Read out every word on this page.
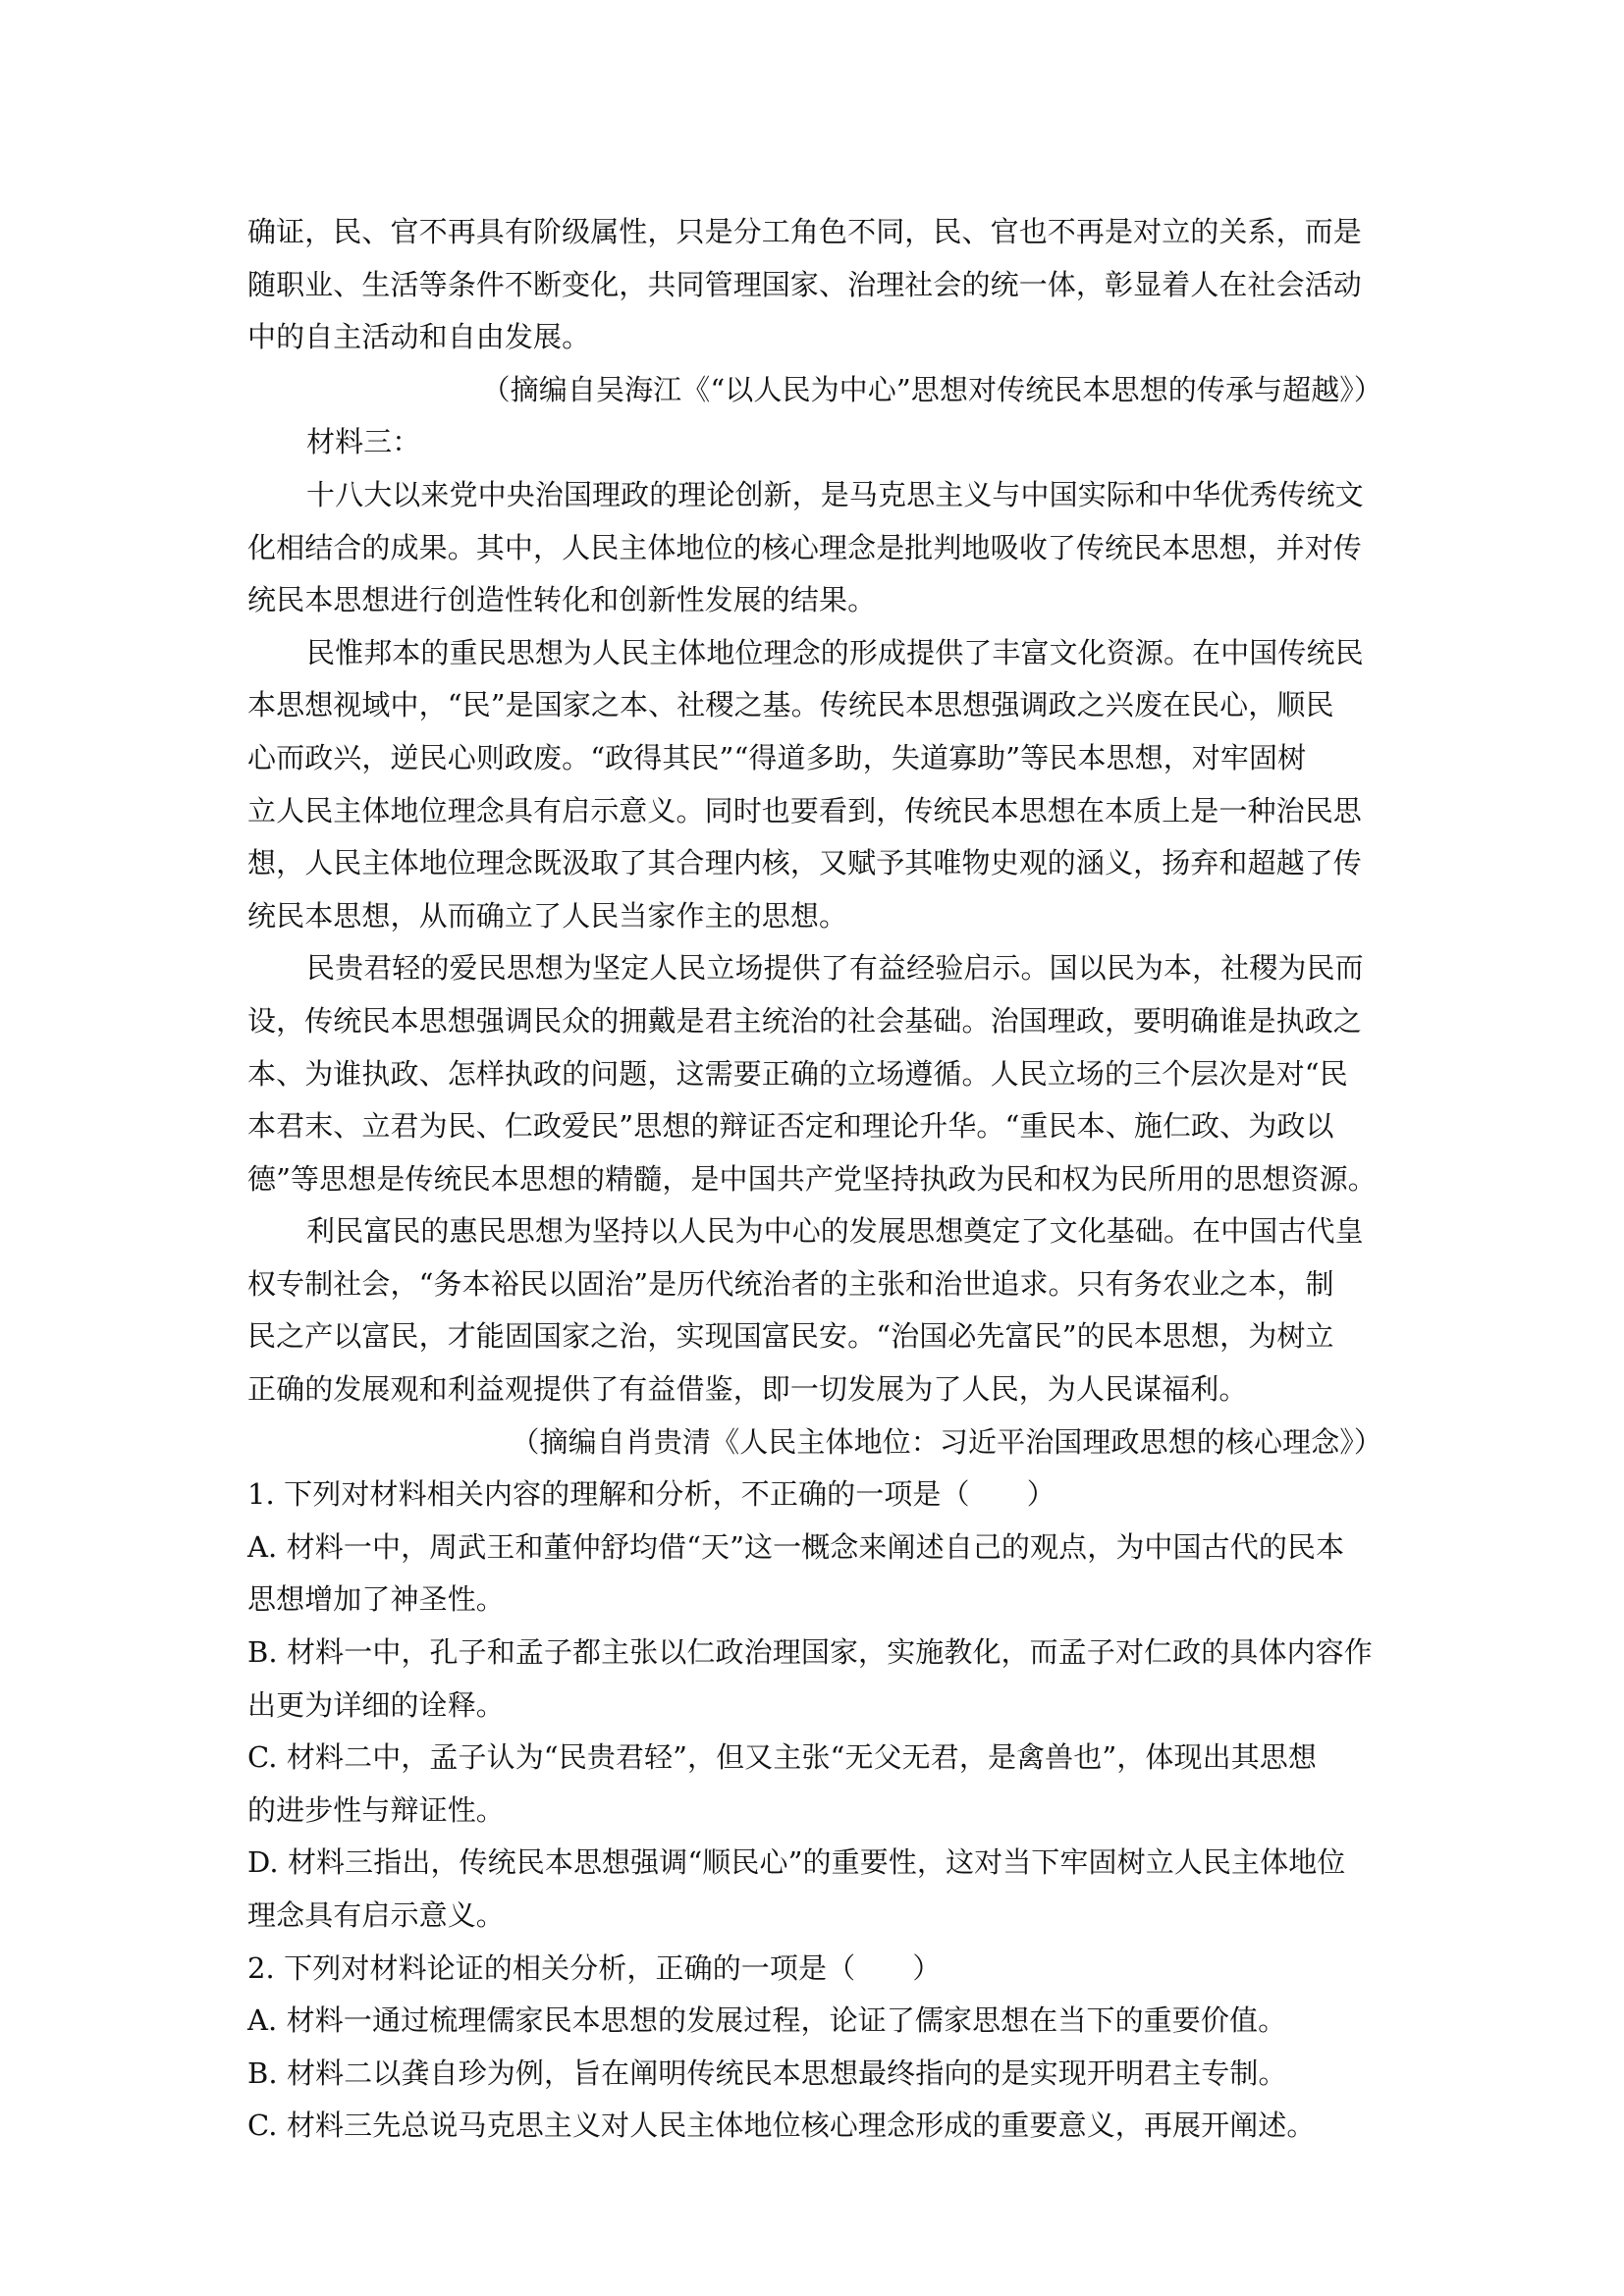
确证，民、官不再具有阶级属性，只是分工角色不同，民、官也不再是对立的关系，而是
随职业、生活等条件不断变化，共同管理国家、治理社会的统一体，彰显着人在社会活动
中的自主活动和自由发展。
（摘编自吴海江《“以人民为中心”思想对传统民本思想的传承与超越》）
材料三：
十八大以来党中央治国理政的理论创新，是马克思主义与中国实际和中华优秀传统文
化相结合的成果。其中，人民主体地位的核心理念是批判地吸收了传统民本思想，并对传
统民本思想进行创造性转化和创新性发展的结果。
民惟邦本的重民思想为人民主体地位理念的形成提供了丰富文化资源。在中国传统民
本思想视域中，“民”是国家之本、社稷之基。传统民本思想强调政之兴废在民心，顺民
心而政兴，逆民心则政废。“政得其民”“得道多助，失道寡助”等民本思想，对牢固树
立人民主体地位理念具有启示意义。同时也要看到，传统民本思想在本质上是一种治民思
想，人民主体地位理念既汲取了其合理内核，又赋予其唯物史观的涵义，扬弃和超越了传
统民本思想，从而确立了人民当家作主的思想。
民贵君轻的爱民思想为坚定人民立场提供了有益经验启示。国以民为本，社稷为民而
设，传统民本思想强调民众的拥戴是君主统治的社会基础。治国理政，要明确谁是执政之
本、为谁执政、怎样执政的问题，这需要正确的立场遵循。人民立场的三个层次是对“民
本君末、立君为民、仁政爱民”思想的辩证否定和理论升华。“重民本、施仁政、为政以
德”等思想是传统民本思想的精髓，是中国共产党坚持执政为民和权为民所用的思想资源。
利民富民的惠民思想为坚持以人民为中心的发展思想奠定了文化基础。在中国古代皇
权专制社会，“务本裕民以固治”是历代统治者的主张和治世追求。只有务农业之本，制
民之产以富民，才能固国家之治，实现国富民安。“治国必先富民”的民本思想，为树立
正确的发展观和利益观提供了有益借鉴，即一切发展为了人民，为人民谋福利。
（摘编自肖贵清《人民主体地位：习近平治国理政思想的核心理念》）
1. 下列对材料相关内容的理解和分析，不正确的一项是（　　）
A. 材料一中，周武王和董仲舒均借“天”这一概念来阐述自己的观点，为中国古代的民本
思想增加了神圣性。
B. 材料一中，孔子和孟子都主张以仁政治理国家，实施教化，而孟子对仁政的具体内容作
出更为详细的诠释。
C. 材料二中，孟子认为“民贵君轻”，但又主张“无父无君，是禽兽也”，体现出其思想
的进步性与辩证性。
D. 材料三指出，传统民本思想强调“顺民心”的重要性，这对当下牢固树立人民主体地位
理念具有启示意义。
2. 下列对材料论证的相关分析，正确的一项是（　　）
A. 材料一通过梳理儒家民本思想的发展过程，论证了儒家思想在当下的重要价值。
B. 材料二以龚自珍为例，旨在阐明传统民本思想最终指向的是实现开明君主专制。
C. 材料三先总说马克思主义对人民主体地位核心理念形成的重要意义，再展开阐述。
